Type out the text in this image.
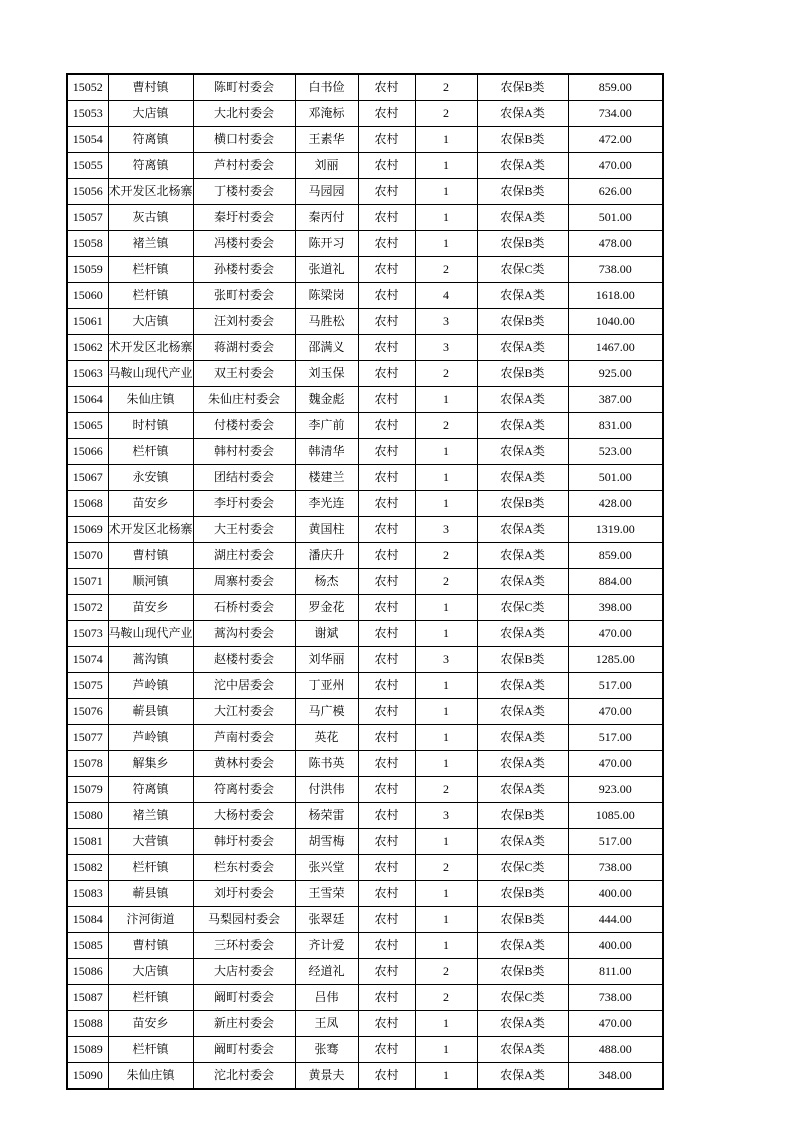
15052	曹村镇	陈町村委会	白书俭	农村	2	农保B类	859.00

15053	大店镇	大北村委会	邓淹标	农村	2	农保A类	734.00

15054	符离镇	横口村委会	王素华	农村	1	农保B类	472.00

15055	符离镇	芦村村委会	刘丽	农村	1	农保A类	470.00

15056	术开发区北杨寨	丁楼村委会	马园园	农村	1	农保B类	626.00

15057	灰古镇	秦圩村委会	秦丙付	农村	1	农保A类	501.00

15058	褚兰镇	冯楼村委会	陈开习	农村	1	农保B类	478.00

15059	栏杆镇	孙楼村委会	张道礼	农村	2	农保C类	738.00

15060	栏杆镇	张町村委会	陈梁岗	农村	4	农保A类	1618.00

15061	大店镇	汪刘村委会	马胜松	农村	3	农保B类	1040.00

15062	术开发区北杨寨	蒋湖村委会	邵满义	农村	3	农保A类	1467.00

15063	马鞍山现代产业	双王村委会	刘玉保	农村	2	农保B类	925.00

15064	朱仙庄镇	朱仙庄村委会	魏金彪	农村	1	农保A类	387.00

15065	时村镇	付楼村委会	李广前	农村	2	农保A类	831.00

15066	栏杆镇	韩村村委会	韩清华	农村	1	农保A类	523.00

15067	永安镇	团结村委会	楼建兰	农村	1	农保A类	501.00

15068	苗安乡	李圩村委会	李光连	农村	1	农保B类	428.00

15069	术开发区北杨寨	大王村委会	黄国柱	农村	3	农保A类	1319.00

15070	曹村镇	湖庄村委会	潘庆升	农村	2	农保A类	859.00

15071	顺河镇	周寨村委会	杨杰	农村	2	农保A类	884.00

15072	苗安乡	石桥村委会	罗金花	农村	1	农保C类	398.00

15073	马鞍山现代产业	蒿沟村委会	谢斌	农村	1	农保A类	470.00

15074	蒿沟镇	赵楼村委会	刘华丽	农村	3	农保B类	1285.00

15075	芦岭镇	沱中居委会	丁亚州	农村	1	农保A类	517.00

15076	蕲县镇	大江村委会	马广模	农村	1	农保A类	470.00

15077	芦岭镇	芦南村委会	英花	农村	1	农保A类	517.00

15078	解集乡	黄林村委会	陈书英	农村	1	农保A类	470.00

15079	符离镇	符离村委会	付洪伟	农村	2	农保A类	923.00

15080	褚兰镇	大杨村委会	杨荣雷	农村	3	农保B类	1085.00

15081	大营镇	韩圩村委会	胡雪梅	农村	1	农保A类	517.00

15082	栏杆镇	栏东村委会	张兴堂	农村	2	农保C类	738.00

15083	蕲县镇	刘圩村委会	王雪荣	农村	1	农保B类	400.00

15084	汴河街道	马梨园村委会	张翠廷	农村	1	农保B类	444.00

15085	曹村镇	三环村委会	齐计爱	农村	1	农保A类	400.00

15086	大店镇	大店村委会	经道礼	农村	2	农保B类	811.00

15087	栏杆镇	阚町村委会	吕伟	农村	2	农保C类	738.00

15088	苗安乡	新庄村委会	王凤	农村	1	农保A类	470.00

15089	栏杆镇	阚町村委会	张骞	农村	1	农保A类	488.00

15090	朱仙庄镇	沱北村委会	黄景夫	农村	1	农保A类	348.00
